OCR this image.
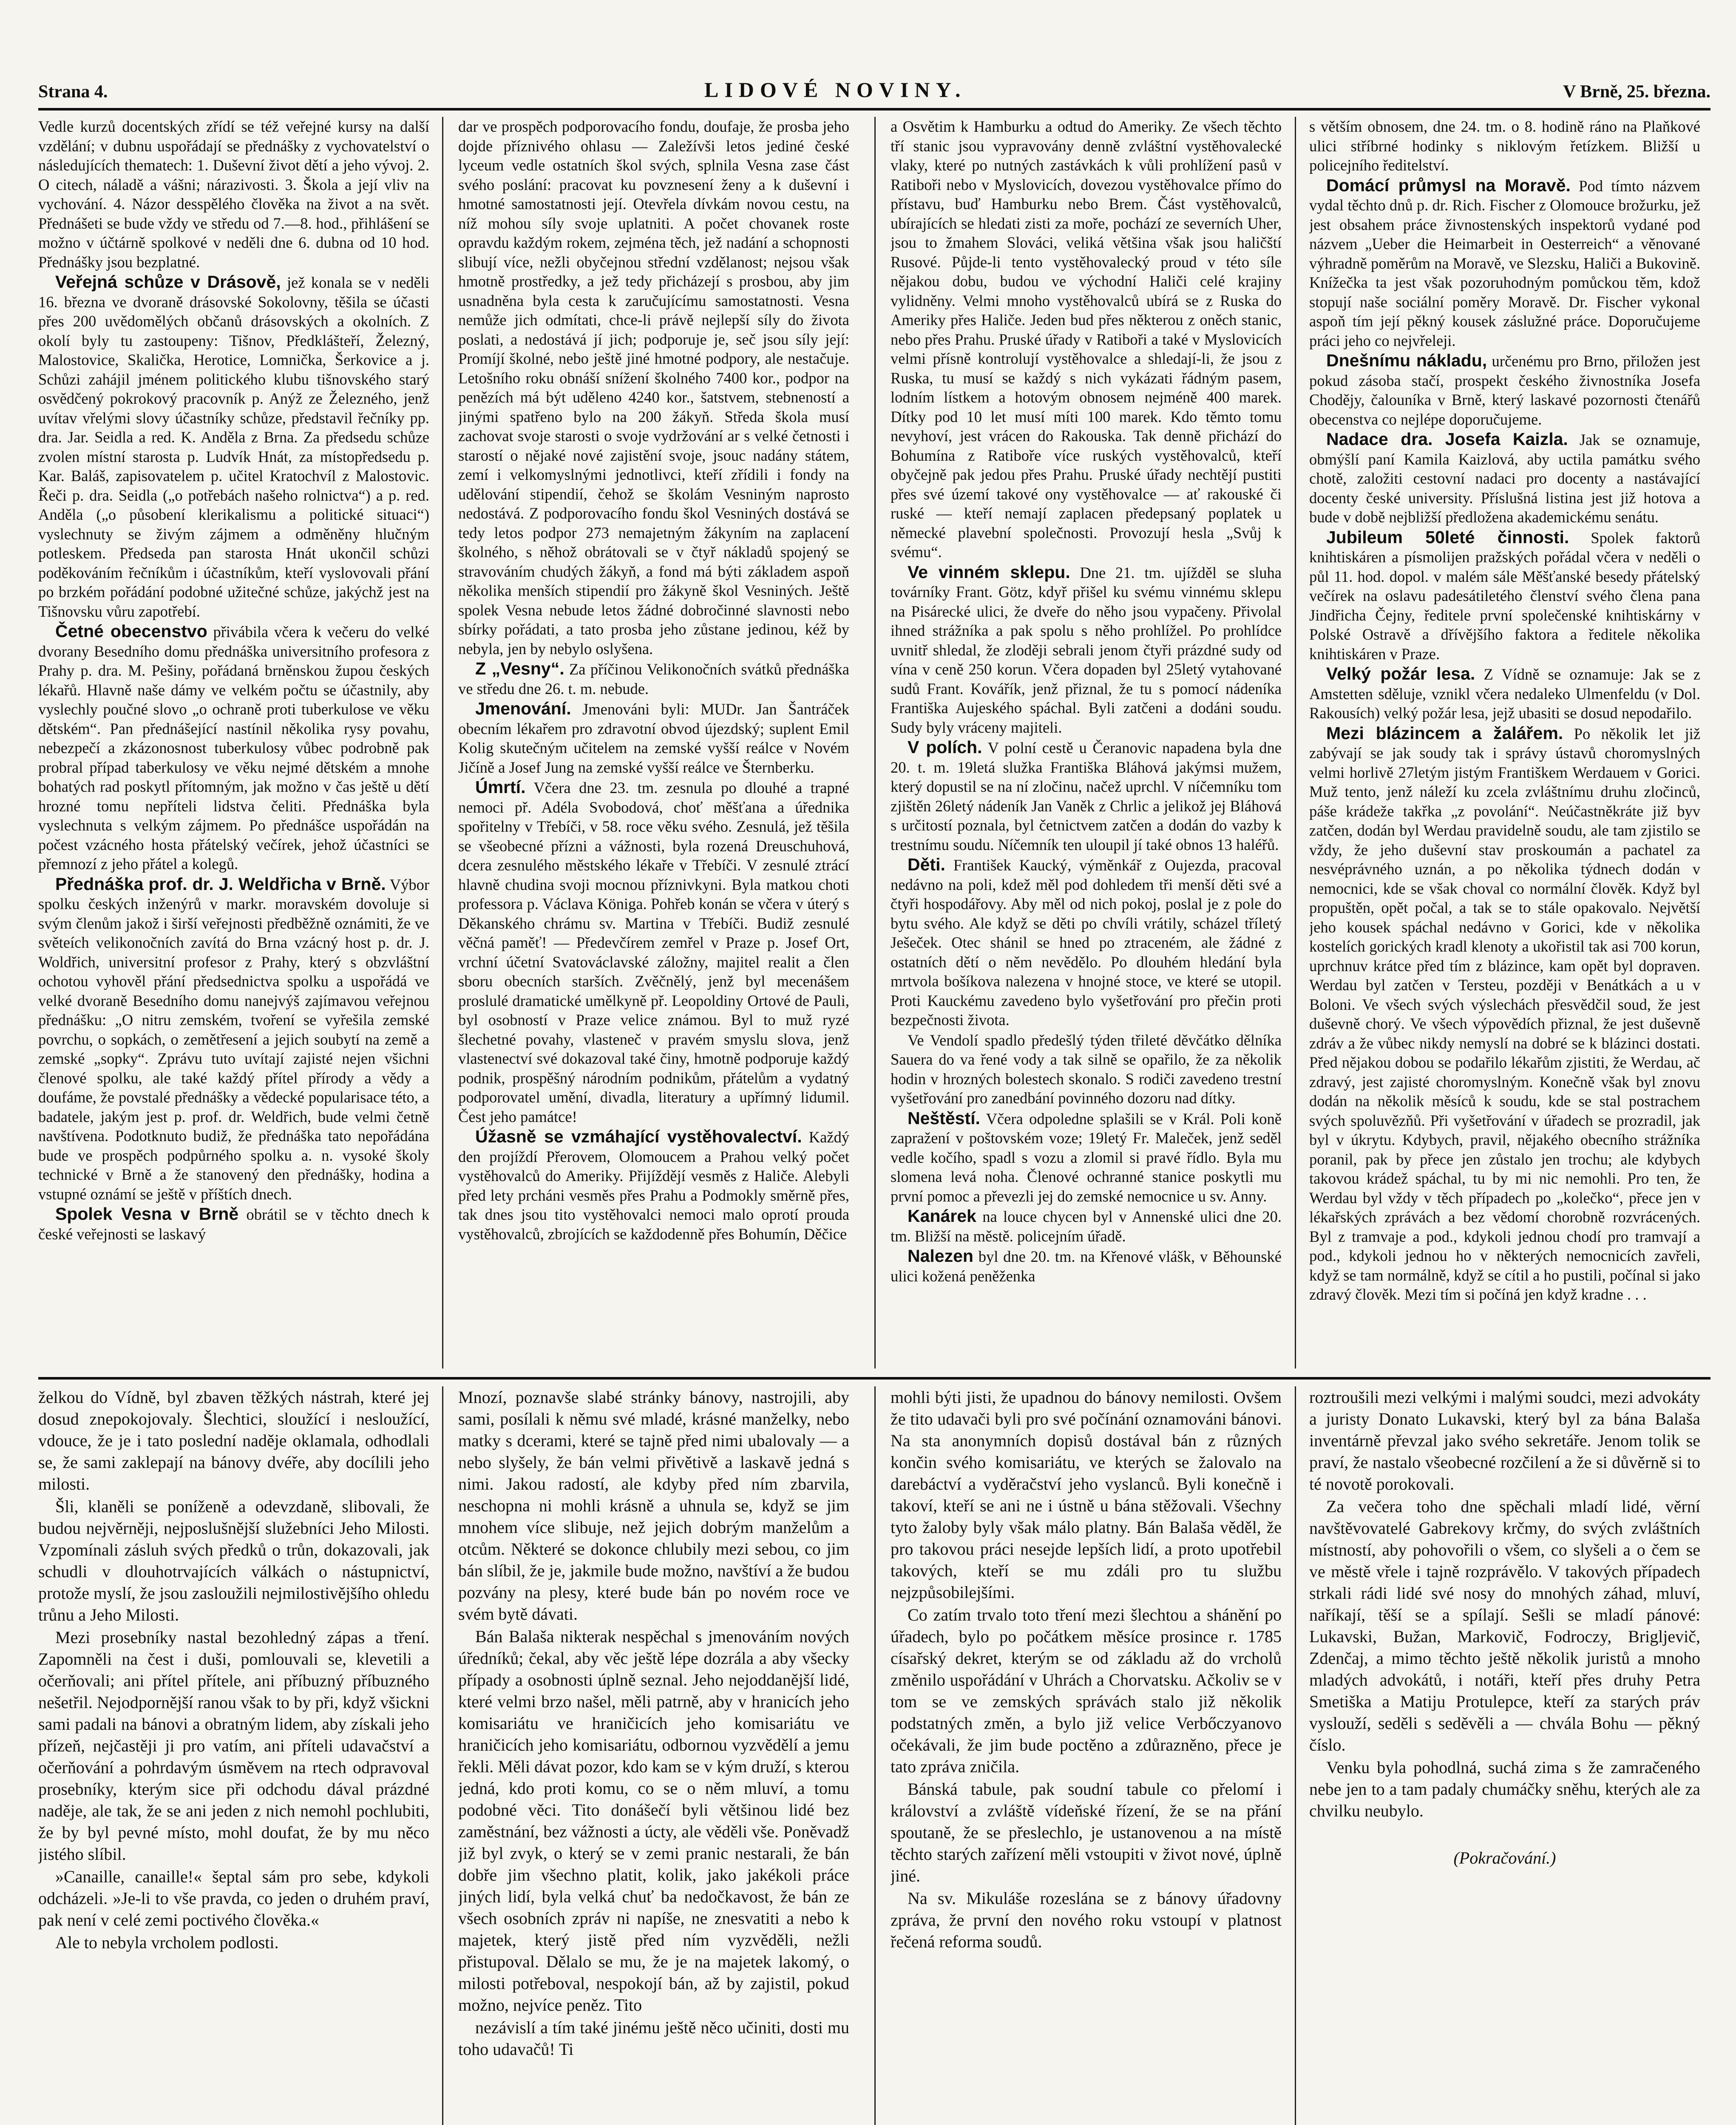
Strana 4.	LIDOVÉ NOVINY.	V Brně, 25. března.

Vedle kurzů docentských zřídí se též veřejné kursy na další vzdělání; v dubnu uspořádají se přednášky z vychovatelství o následujících thematech: 1. Duševní život dětí a jeho vývoj. 2. O citech, náladě a vášni; nárazivosti. 3. Škola a její vliv na vychování. 4. Názor desspělého člověka na život a na svět. Přednášeti se bude vždy ve středu od 7.—8. hod., přihlášení se možno v účtárně spolkové v neděli dne 6. dubna od 10 hod. Přednášky jsou bezplatné.

Veřejná schůze v Drásově, jež konala se v neděli 16. března ve dvoraně drásovské Sokolovny, těšila se účasti přes 200 uvědomělých občanů drásovských a okolních. Z okolí byly tu zastoupeny: Tišnov, Předklášteří, Železný, Malostovice, Skalička, Herotice, Lomnička, Šerkovice a j. Schůzi zahájil jménem politického klubu tišnovského starý osvědčený pokrokový pracovník p. Anýž ze Železného, jenž uvítav vřelými slovy účastníky schůze, představil řečníky pp. dra. Jar. Seidla a red. K. Anděla z Brna. Za předsedu schůze zvolen místní starosta p. Ludvík Hnát, za místopředsedu p. Kar. Baláš, zapisovatelem p. učitel Kratochvíl z Malostovic. Řeči p. dra. Seidla („o potřebách našeho rolnictva“) a p. red. Anděla („o působení klerikalismu a politické situaci“) vyslechnuty se živým zájmem a odměněny hlučným potleskem. Předseda pan starosta Hnát ukončil schůzi poděkováním řečníkům i účastníkům, kteří vyslovovali přání po brzkém pořádání podobné užitečné schůze, jakýchž jest na Tišnovsku vůru zapotřebí.

Četné obecenstvo přivábila včera k večeru do velké dvorany Besedního domu přednáška universitního profesora z Prahy p. dra. M. Pešiny, pořádaná brněnskou župou českých lékařů. Hlavně naše dámy ve velkém počtu se účastnily, aby vyslechly poučné slovo „o ochraně proti tuberkulose ve věku dětském“. Pan přednášející nastínil několika rysy povahu, nebezpečí a zkázonosnost tuberkulosy vůbec podrobně pak probral případ taberkulosy ve věku nejmé dětském a mnohe bohatých rad poskytl přítomným, jak možno v čas ještě u dětí hrozné tomu nepříteli lidstva čeliti. Přednáška byla vyslechnuta s velkým zájmem. Po přednášce uspořádán na počest vzácného hosta přátelský večírek, jehož účastníci se přemnozí z jeho přátel a kolegů.

Přednáška prof. dr. J. Weldřicha v Brně. Výbor spolku českých inženýrů v markr. moravském dovoluje si svým členům jakož i širší veřejnosti předběžně oznámiti, že ve světeích velikonočních zavítá do Brna vzácný host p. dr. J. Woldřich, universitní profesor z Prahy, který s obzvláštní ochotou vyhověl přání předsednictva spolku a uspořádá ve velké dvoraně Besedního domu nanejvýš zajímavou veřejnou přednášku: „O nitru zemském, tvoření se vyřešila zemské povrchu, o sopkách, o zemětřesení a jejich soubytí na země a zemské „sopky“. Zprávu tuto uvítají zajisté nejen všichni členové spolku, ale také každý přítel přírody a vědy a doufáme, že povstalé přednášky a vědecké popularisace této, a badatele, jakým jest p. prof. dr. Weldřich, bude velmi četně navštívena. Podotknuto budiž, že přednáška tato nepořádána bude ve prospěch podpůrného spolku a. n. vysoké školy technické v Brně a že stanovený den přednášky, hodina a vstupné oznámí se ještě v příštích dnech.

Spolek Vesna v Brně obrátil se v těchto dnech k české veřejnosti se laskavý

dar ve prospěch podporovacího fondu, doufaje, že prosba jeho dojde příznivého ohlasu — Zaležívši letos jediné české lyceum vedle ostatních škol svých, splnila Vesna zase část svého poslání: pracovat ku povznesení ženy a k duševní i hmotné samostatnosti její. Otevřela dívkám novou cestu, na níž mohou síly svoje uplatniti. A počet chovanek roste opravdu každým rokem, zejména těch, jež nadání a schopnosti slibují více, nežli obyčejnou střední vzdělanost; nejsou však hmotně prostředky, a jež tedy přicházejí s prosbou, aby jim usnadněna byla cesta k zaručujícímu samostatnosti. Vesna nemůže jich odmítati, chce-li právě nejlepší síly do života poslati, a nedostává jí jich; podporuje je, seč jsou síly její: Promíjí školné, nebo ještě jiné hmotné podpory, ale nestačuje. Letošního roku obnáší snížení školného 7400 kor., podpor na penězích má být uděleno 4240 kor., šatstvem, stebneností a jinými spatřeno bylo na 200 žákyň. Středa škola musí zachovat svoje starosti o svoje vydržování ar s velké četnosti i starostí o nějaké nové zajistění svoje, jsouc nadány státem, zemí i velkomyslnými jednotlivci, kteří zřídili i fondy na udělování stipendií, čehož se školám Vesniným naprosto nedostává. Z podporovacího fondu škol Vesniných dostává se tedy letos podpor 273 nemajetným žákyním na zaplacení školného, s něhož obrátovali se v čtyř nákladů spojený se stravováním chudých žákyň, a fond má býti základem aspoň několika menších stipendií pro žákyně škol Vesniných. Ještě spolek Vesna nebude letos žádné dobročinné slavnosti nebo sbírky pořádati, a tato prosba jeho zůstane jedinou, kéž by nebyla, jen by nebylo oslyšena.

Z „Vesny“. Za příčinou Velikonočních svátků přednáška ve středu dne 26. t. m. nebude.

Jmenování. Jmenováni byli: MUDr. Jan Šantráček obecním lékařem pro zdravotní obvod újezdský; suplent Emil Kolig skutečným učitelem na zemské vyšší reálce v Novém Jičíně a Josef Jung na zemské vyšší reálce ve Šternberku.

Úmrtí. Včera dne 23. tm. zesnula po dlouhé a trapné nemoci př. Adéla Svobodová, choť měšťana a úřednika spořitelny v Třebíči, v 58. roce věku svého. Zesnulá, jež těšila se všeobecné přízni a vážnosti, byla rozená Dreuschuhová, dcera zesnulého městského lékaře v Třebíči. V zesnulé ztrácí hlavně chudina svoji mocnou příznivkyni. Byla matkou choti professora p. Václava Königa. Pohřeb konán se včera v úterý s Děkanského chrámu sv. Martina v Třebíči. Budiž zesnulé věčná paměť! — Předevčírem zemřel v Praze p. Josef Ort, vrchní účetní Svatováclavské záložny, majitel realit a člen sboru obecních starších. Zvěčnělý, jenž byl mecenášem proslulé dramatické umělkyně př. Leopoldiny Ortové de Pauli, byl osobností v Praze velice známou. Byl to muž ryzé šlechetné povahy, vlasteneč v pravém smyslu slova, jenž vlastenectví své dokazoval také činy, hmotně podporuje každý podnik, prospěšný národním podnikům, přátelům a vydatný podporovatel umění, divadla, literatury a upřímný lidumil. Čest jeho památce!

Úžasně se vzmáhající vystěhovalectví. Každý den projíždí Přerovem, Olomoucem a Prahou velký počet vystěhovalců do Ameriky. Přijíždějí vesměs z Haliče. Alebyli před lety prcháni vesměs přes Prahu a Podmokly směrně přes, tak dnes jsou tito vystěhovalci nemoci malo oprotí prouda vystěhovalců, zbrojících se každodenně přes Bohumín, Děčice

a Osvětim k Hamburku a odtud do Ameriky. Ze všech těchto tří stanic jsou vypravovány denně zvláštní vystěhovalecké vlaky, které po nutných zastávkách k vůli prohlížení pasů v Ratiboři nebo v Myslovicích, dovezou vystěhovalce přímo do přístavu, buď Hamburku nebo Brem. Část vystěhovalců, ubírajících se hledati zisti za moře, pochází ze severních Uher, jsou to žmahem Slováci, veliká většina však jsou haličští Rusové. Půjde-li tento vystěhovalecký proud v této síle nějakou dobu, budou ve východní Haliči celé krajiny vylidněny. Velmi mnoho vystěhovalců ubírá se z Ruska do Ameriky přes Haliče. Jeden bud přes některou z oněch stanic, nebo přes Prahu. Pruské úřady v Ratiboři a také v Myslovicích velmi přísně kontrolují vystěhovalce a shledají-li, že jsou z Ruska, tu musí se každý s nich vykázati řádným pasem, lodním lístkem a hotovým obnosem nejméně 400 marek. Dítky pod 10 let musí míti 100 marek. Kdo těmto tomu nevyhoví, jest vrácen do Rakouska. Tak denně přichází do Bohumína z Ratiboře více ruských vystěhovalců, kteří obyčejně pak jedou přes Prahu. Pruské úřady nechtějí pustiti přes své území takové ony vystěhovalce — ať rakouské či ruské — kteří nemají zaplacen předepsaný poplatek u německé plavební společnosti. Provozují hesla „Svůj k svému“.

Ve vinném sklepu. Dne 21. tm. ujížděl se sluha továrníky Frant. Götz, kdyř přišel ku svému vinnému sklepu na Pisárecké ulici, že dveře do něho jsou vypačeny. Přivolal ihned strážníka a pak spolu s něho prohlížel. Po prohlídce uvnitř shledal, že zloději sebrali jenom čtyři prázdné sudy od vína v ceně 250 korun. Včera dopaden byl 25letý vytahované sudů Frant. Kovářík, jenž přiznal, že tu s pomocí nádeníka Františka Aujeského spáchal. Byli zatčeni a dodáni soudu. Sudy byly vráceny majiteli.

V polích. V polní cestě u Čeranovic napadena byla dne 20. t. m. 19letá služka Františka Bláhová jakýmsi mužem, který dopustil se na ní zločinu, načež uprchl. V níčemníku tom zjištěn 26letý nádeník Jan Vaněk z Chrlic a jelikož jej Bláhová s určitostí poznala, byl četnictvem zatčen a dodán do vazby k trestnímu soudu. Níčemník ten uloupil jí také obnos 13 haléřů.

Děti. František Kaucký, výměnkář z Oujezda, pracoval nedávno na poli, kdež měl pod dohledem tři menší děti své a čtyři hospodářovy. Aby měl od nich pokoj, poslal je z pole do bytu svého. Ale když se děti po chvíli vrátily, scházel tříletý Ješeček. Otec shánil se hned po ztraceném, ale žádné z ostatních dětí o něm nevědělo. Po dlouhém hledání byla mrtvola bošíkova nalezena v hnojné stoce, ve které se utopil. Proti Kauckému zavedeno bylo vyšetřování pro přečin proti bezpečnosti života.

Ve Vendolí spadlo předešlý týden třileté děvčátko dělníka Sauera do va řené vody a tak silně se opařilo, že za několik hodin v hrozných bolestech skonalo. S rodiči zavedeno trestní vyšetřování pro zanedbání povinného dozoru nad dítky.

Neštěstí. Včera odpoledne splašili se v Král. Poli koně zapražení v poštovském voze; 19letý Fr. Maleček, jenž seděl vedle kočího, spadl s vozu a zlomil si pravé řídlo. Byla mu slomena levá noha. Členové ochranné stanice poskytli mu první pomoc a převezli jej do zemské nemocnice u sv. Anny.

Kanárek na louce chycen byl v Annenské ulici dne 20. tm. Bližší na městě. policejním úřadě.

Nalezen byl dne 20. tm. na Křenové vlášk, v Běhounské ulici kožená peněženka

s větším obnosem, dne 24. tm. o 8. hodině ráno na Plaňkové ulici stříbrné hodinky s niklovým řetízkem. Bližší u policejního ředitelství.

Domácí průmysl na Moravě. Pod tímto názvem vydal těchto dnů p. dr. Rich. Fischer z Olomouce brožurku, jež jest obsahem práce živnostenských inspektorů vydané pod názvem „Ueber die Heimarbeit in Oesterreich“ a věnované výhradně poměrům na Moravě, ve Slezsku, Haliči a Bukovině. Knížečka ta jest však pozoruhodným pomůckou těm, kdož stopují naše sociální poměry Moravě. Dr. Fischer vykonal aspoň tím její pěkný kousek záslužné práce. Doporučujeme práci jeho co nejvřeleji.

Dnešnímu nákladu, určenému pro Brno, přiložen jest pokud zásoba stačí, prospekt českého živnostníka Josefa Chodějy, čalouníka v Brně, který laskavé pozornosti čtenářů obecenstva co nejlépe doporučujeme.

Nadace dra. Josefa Kaizla. Jak se oznamuje, obmýšlí paní Kamila Kaizlová, aby uctila památku svého chotě, založiti cestovní nadaci pro docenty a nastávající docenty české university. Příslušná listina jest již hotova a bude v době nejbližší předložena akademickému senátu.

Jubileum 50leté činnosti. Spolek faktorů knihtiskáren a písmolijen pražských pořádal včera v neděli o půl 11. hod. dopol. v malém sále Měšťanské besedy přátelský večírek na oslavu padesátiletého členství svého člena pana Jindřicha Čejny, ředitele první společenské knihtiskárny v Polské Ostravě a dřívějšího faktora a ředitele několika knihtiskáren v Praze.

Velký požár lesa. Z Vídně se oznamuje: Jak se z Amstetten sděluje, vznikl včera nedaleko Ulmenfeldu (v Dol. Rakousích) velký požár lesa, jejž ubasiti se dosud nepodařilo.

Mezi blázincem a žalářem. Po několik let již zabývají se jak soudy tak i správy ústavů choromyslných velmi horlivě 27letým jistým Františkem Werdauem v Gorici. Muž tento, jenž náleží ku zcela zvláštnímu druhu zločinců, páše krádeže takřka „z povolání“. Neúčastněkráte již byv zatčen, dodán byl Werdau pravidelně soudu, ale tam zjistilo se vždy, že jeho duševní stav proskoumán a pachatel za nesvéprávného uznán, a po několika týdnech dodán v nemocnici, kde se však choval co normální člověk. Když byl propuštěn, opět počal, a tak se to stále opakovalo. Největší jeho kousek spáchal nedávno v Gorici, kde v několika kostelích gorických kradl klenoty a ukořistil tak asi 700 korun, uprchnuv krátce před tím z blázince, kam opět byl dopraven. Werdau byl zatčen v Tersteu, později v Benátkách a u v Boloni. Ve všech svých výslechách přesvědčil soud, že jest duševně chorý. Ve všech výpovědích přiznal, že jest duševně zdráv a že vůbec nikdy nemyslí na dobré se k blázinci dostati. Před nějakou dobou se podařilo lékařům zjistiti, že Werdau, ač zdravý, jest zajisté choromyslným. Konečně však byl znovu dodán na několik měsíců k soudu, kde se stal postrachem svých spoluvězňů. Při vyšetřování v úřadech se prozradil, jak byl v úkrytu. Kdybych, pravil, nějakého obecního strážníka poranil, pak by přece jen zůstalo jen trochu; ale kdybych takovou krádež spáchal, tu by mi nic nemohli. Pro ten, že Werdau byl vždy v těch případech po „kolečko“, přece jen v lékařských zprávách a bez vědomí chorobně rozvrácených. Byl z tramvaje a pod., kdykoli jednou chodí pro tramvají a pod., kdykoli jednou ho v některých nemocnicích zavřeli, když se tam normálně, když se cítil a ho pustili, počínal si jako zdravý člověk. Mezi tím si počíná jen když kradne . . .

želkou do Vídně, byl zbaven těžkých nástrah, které jej dosud znepokojovaly. Šlechtici, sloužící i nesloužící, vdouce, že je i tato poslední naděje oklamala, odhodlali se, že sami zaklepají na bánovy dvéře, aby docílili jeho milosti.

Šli, klaněli se poníženě a odevzdaně, slibovali, že budou nejvěrněji, nejposlušnější služebníci Jeho Milosti. Vzpomínali zásluh svých předků o trůn, dokazovali, jak schudli v dlouhotrvajících válkách o nástupnictví, protože myslí, že jsou zasloužili nejmilostivějšího ohledu trůnu a Jeho Milosti.

Mezi prosebníky nastal bezohledný zápas a tření. Zapomněli na čest i duši, pomlouvali se, klevetili a očerňovali; ani přítel přítele, ani příbuzný příbuzného nešetřil. Nejodpornější ranou však to by při, když všickni sami padali na bánovi a obratným lidem, aby získali jeho přízeň, nejčastěji ji pro vatím, ani příteli udavačství a očerňování a pohrdavým úsměvem na rtech odpravoval prosebníky, kterým sice při odchodu dával prázdné naděje, ale tak, že se ani jeden z nich nemohl pochlubiti, že by byl pevné místo, mohl doufat, že by mu něco jistého slíbil.

»Canaille, canaille!« šeptal sám pro sebe, kdykoli odcházeli. »Je-li to vše pravda, co jeden o druhém praví, pak není v celé zemi poctivého člověka.«

Ale to nebyla vrcholem podlosti.

Mnozí, poznavše slabé stránky bánovy, nastrojili, aby sami, posílali k němu své mladé, krásné manželky, nebo matky s dcerami, které se tajně před nimi ubalovaly — a nebo slyšely, že bán velmi přivětivě a laskavě jedná s nimi. Jakou radostí, ale kdyby před ním zbarvila, neschopna ni mohli krásně a uhnula se, když se jim mnohem více slibuje, než jejich dobrým manželům a otcům. Některé se dokonce chlubily mezi sebou, co jim bán slíbil, že je, jakmile bude možno, navštíví a že budou pozvány na plesy, které bude bán po novém roce ve svém bytě dávati.

Bán Balaša nikterak nespěchal s jmenováním nových úředníků; čekal, aby věc ještě lépe dozrála a aby všecky případy a osobnosti úplně seznal. Jeho nejoddanější lidé, které velmi brzo našel, měli patrně, aby v hranicích jeho komisariátu ve hraničicích jeho komisariátu ve hraničicích jeho komisariátu, odbornou vyzvědělí a jemu řekli. Měli dávat pozor, kdo kam se v kým druží, s kterou jedná, kdo proti komu, co se o něm mluví, a tomu podobné věci. Tito donášečí byli většinou lidé bez zaměstnání, bez vážnosti a úcty, ale věděli vše. Poněvadž již byl zvyk, o který se v zemi pranic nestarali, že bán dobře jim všechno platit, kolik, jako jakékoli práce jiných lidí, byla velká chuť ba nedočkavost, že bán ze všech osobních zpráv ni napíše, ne znesvatiti a nebo k majetek, který jistě před ním vyzvěděli, nežli přistupoval. Dělalo se mu, že je na majetek lakomý, o milosti potřeboval, nespokojí bán, až by zajistil, pokud možno, nejvíce peněz. Tito

nezávislí a tím také jinému ještě něco učiniti, dosti mu toho udavačů! Ti

mohli býti jisti, že upadnou do bánovy nemilosti. Ovšem že tito udavači byli pro své počínání oznamováni bánovi. Na sta anonymních dopisů dostával bán z různých končin svého komisariátu, ve kterých se žalovalo na darebáctví a vyděračství jeho vyslanců. Byli konečně i takoví, kteří se ani ne i ústně u bána stěžovali. Všechny tyto žaloby byly však málo platny. Bán Balaša věděl, že pro takovou práci nesejde lepších lidí, a proto upotřebil takových, kteří se mu zdáli pro tu službu nejzpůsobilejšími.

Co zatím trvalo toto tření mezi šlechtou a shánění po úřadech, bylo po počátkem měsíce prosince r. 1785 císařský dekret, kterým se od základu až do vrcholů změnilo uspořádání v Uhrách a Chorvatsku. Ačkoliv se v tom se ve zemských správách stalo již několik podstatných změn, a bylo již velice Verbőczyanovo očekávali, že jim bude poctěno a zdůrazněno, přece je tato zpráva zničila.

Bánská tabule, pak soudní tabule co přelomí i království a zvláště vídeňské řízení, že se na přání spoutaně, že se přeslechlo, je ustanovenou a na místě těchto starých zařízení měli vstoupiti v život nové, úplně jiné.

Na sv. Mikuláše rozeslána se z bánovy úřadovny zpráva, že první den nového roku vstoupí v platnost řečená reforma soudů.

roztroušili mezi velkými i malými soudci, mezi advokáty a juristy Donato Lukavski, který byl za bána Balaša inventárně převzal jako svého sekretáře. Jenom tolik se praví, že nastalo všeobecné rozčilení a že si důvěrně si to té novotě porokovali.

Za večera toho dne spěchali mladí lidé, věrní navštěvovatelé Gabrekovy krčmy, do svých zvláštních místností, aby pohovořili o všem, co slyšeli a o čem se ve městě vřele i tajně rozprávělo. V takových případech strkali rádi lidé své nosy do mnohých záhad, mluví, naříkají, těší se a spílají. Sešli se mladí pánové: Lukavski, Bužan, Markovič, Fodroczy, Brigljevič, Zdenčaj, a mimo těchto ještě několik juristů a mnoho mladých advokátů, i notáři, kteří přes druhy Petra Smetiška a Matiju Protulepce, kteří za starých práv vyslouží, seděli s seděvěli a — chvála Bohu — pěkný číslo.

Venku byla pohodlná, suchá zima s že zamračeného nebe jen to a tam padaly chumáčky sněhu, kterých ale za chvilku neubylo.

(Pokračování.)
